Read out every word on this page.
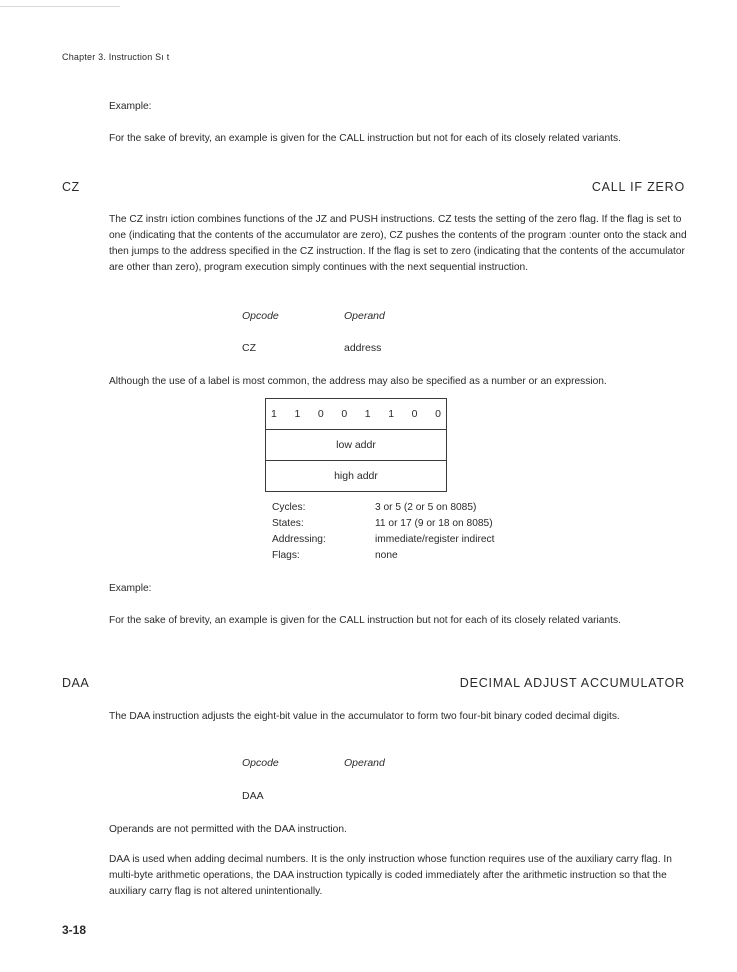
Chapter 3. Instruction Sı t
Example:
For the sake of brevity, an example is given for the CALL instruction but not for each of its closely related variants.
CZ	CALL IF ZERO
The CZ instrı iction combines functions of the JZ and PUSH instructions. CZ tests the setting of the zero flag. If the flag is set to one (indicating that the contents of the accumulator are zero), CZ pushes the contents of the program :ounter onto the stack and then jumps to the address specified in the CZ instruction. If the flag is set to zero (indicating that the contents of the accumulator are other than zero), program execution simply continues with the next sequential instruction.
Opcode	Operand
CZ	address
Although the use of a label is most common, the address may also be specified as a number or an expression.
1 1 0 0 1 1 0 0
low addr
high addr
Cycles:	3 or 5 (2 or 5 on 8085)
States:	11 or 17 (9 or 18 on 8085)
Addressing:	immediate/register indirect
Flags:	none
Example:
For the sake of brevity, an example is given for the CALL instruction but not for each of its closely related variants.
DAA	DECIMAL ADJUST ACCUMULATOR
The DAA instruction adjusts the eight-bit value in the accumulator to form two four-bit binary coded decimal digits.
Opcode	Operand
DAA
Operands are not permitted with the DAA instruction.
DAA is used when adding decimal numbers. It is the only instruction whose function requires use of the auxiliary carry flag. In multi-byte arithmetic operations, the DAA instruction typically is coded immediately after the arithmetic instruction so that the auxiliary carry flag is not altered unintentionally.
3-18
